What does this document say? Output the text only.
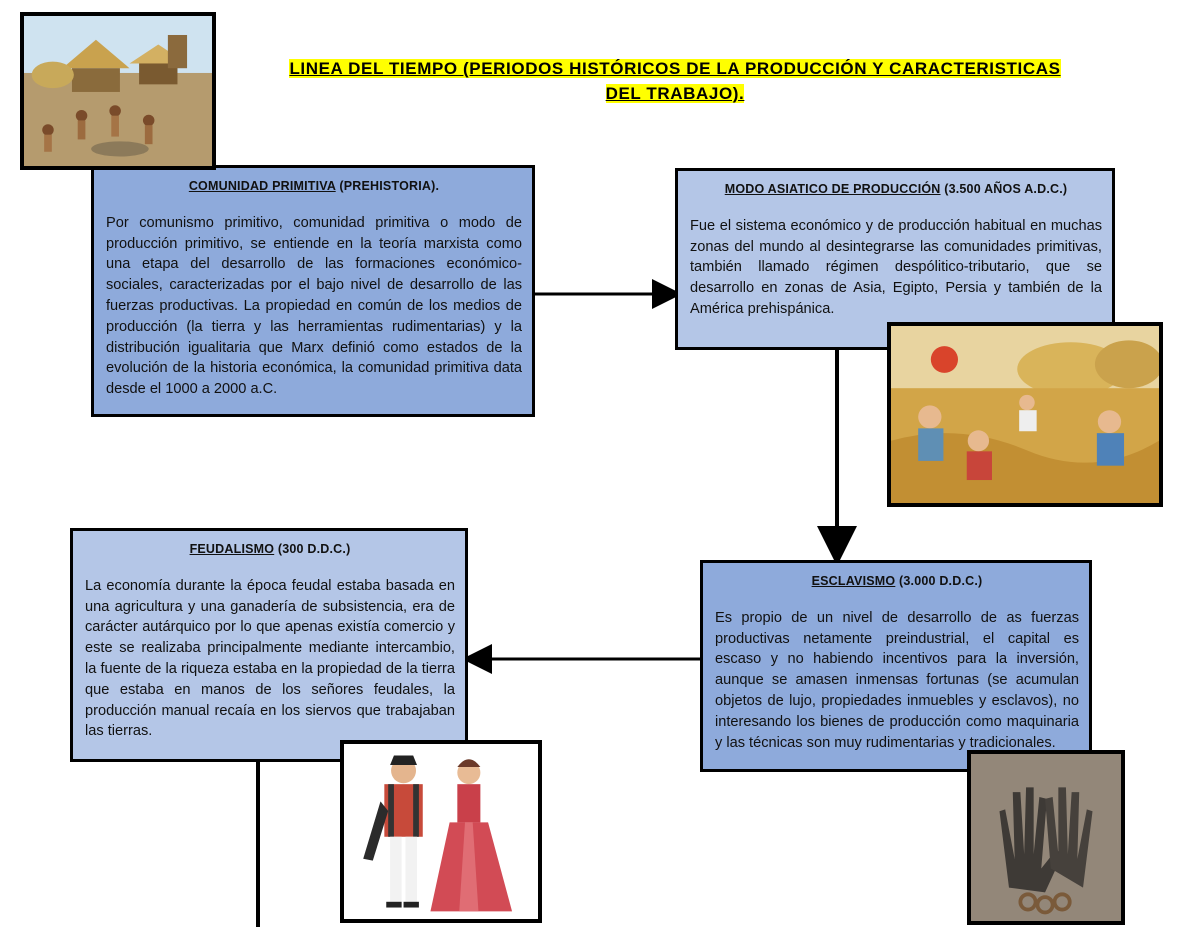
LINEA DEL TIEMPO (PERIODOS HISTÓRICOS DE LA PRODUCCIÓN Y CARACTERISTICAS
DEL TRABAJO).
COMUNIDAD PRIMITIVA (PREHISTORIA).

Por comunismo primitivo, comunidad primitiva o modo de producción primitivo, se entiende en la teoría marxista como una etapa del desarrollo de las formaciones económico-sociales, caracterizadas por el bajo nivel de desarrollo de las fuerzas productivas. La propiedad en común de los medios de producción (la tierra y las herramientas rudimentarias) y la distribución igualitaria que Marx definió como estados de la evolución de la historia económica, la comunidad primitiva data desde el 1000 a 2000 a.C.

MODO ASIATICO DE PRODUCCIÓN (3.500 AÑOS A.D.C.)

Fue el sistema económico y de producción habitual en muchas zonas del mundo al desintegrarse las comunidades primitivas, también llamado régimen despólitico-tributario, que se desarrollo en zonas de Asia, Egipto, Persia y también de la América prehispánica.

ESCLAVISMO (3.000 D.D.C.)

Es propio de un nivel de desarrollo de as fuerzas productivas netamente preindustrial, el capital es escaso y no habiendo incentivos para la inversión, aunque se amasen inmensas fortunas (se acumulan objetos de lujo, propiedades inmuebles y esclavos), no interesando los bienes de producción como maquinaria y las técnicas son muy rudimentarias y tradicionales.

FEUDALISMO (300 D.D.C.)

La economía durante la época feudal estaba basada en una agricultura y una ganadería de subsistencia, era de carácter autárquico por lo que apenas existía comercio y este se realizaba principalmente mediante intercambio, la fuente de la riqueza estaba en la propiedad de la tierra que estaba en manos de los señores feudales, la producción manual recaía en los siervos que trabajaban las tierras.
